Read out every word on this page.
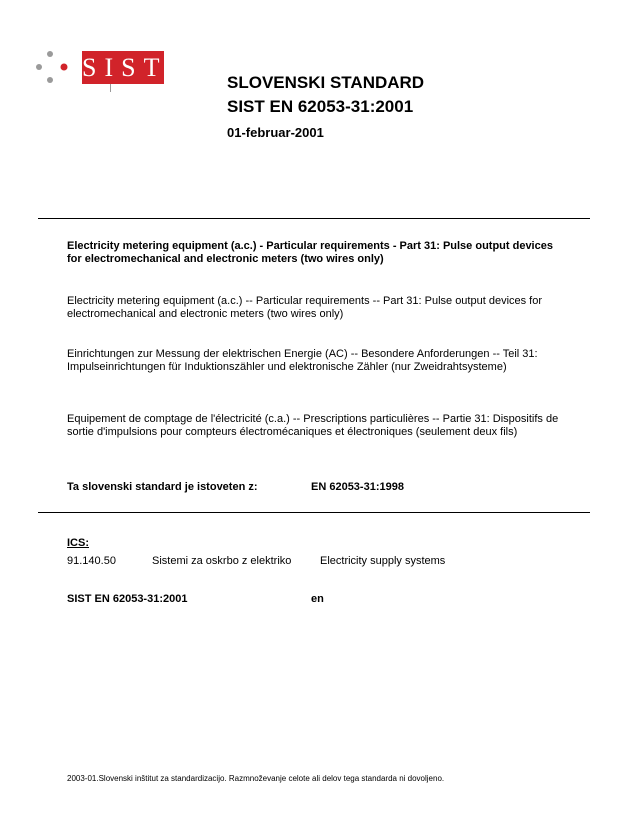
SIST
SLOVENSKI STANDARD
SIST EN 62053-31:2001
01-februar-2001
Electricity metering equipment (a.c.) - Particular requirements - Part 31: Pulse output devices for electromechanical and electronic meters (two wires only)
Electricity metering equipment (a.c.) -- Particular requirements -- Part 31: Pulse output devices for electromechanical and electronic meters (two wires only)
Einrichtungen zur Messung der elektrischen Energie (AC) -- Besondere Anforderungen -- Teil 31: Impulseinrichtungen für Induktionszähler und elektronische Zähler (nur Zweidrahtsysteme)
Equipement de comptage de l'électricité (c.a.) -- Prescriptions particulières -- Partie 31: Dispositifs de sortie d'impulsions pour compteurs électromécaniques et électroniques (seulement deux fils)
Ta slovenski standard je istoveten z:	EN 62053-31:1998
ICS:
91.140.50	Sistemi za oskrbo z elektriko	Electricity supply systems
SIST EN 62053-31:2001	en
2003-01.Slovenski inštitut za standardizacijo. Razmnoževanje celote ali delov tega standarda ni dovoljeno.
